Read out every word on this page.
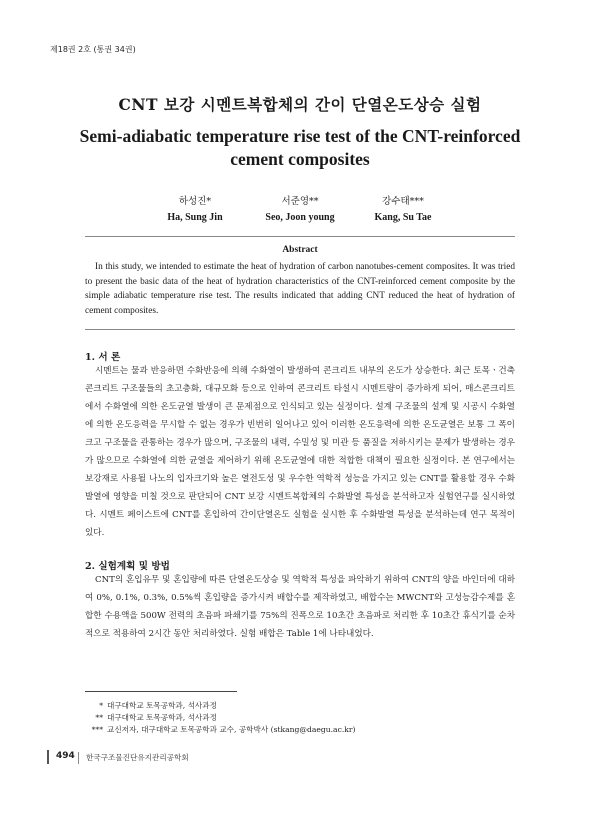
제18권 2호 (통권 34권)
CNT 보강 시멘트복합체의 간이 단열온도상승 실험
Semi-adiabatic temperature rise test of the CNT-reinforced cement composites
하성진*
Ha, Sung Jin
서준영**
Seo, Joon young
강수태***
Kang, Su Tae
Abstract
In this study, we intended to estimate the heat of hydration of carbon nanotubes-cement composites. It was tried to present the basic data of the heat of hydration characteristics of the CNT-reinforced cement composite by the simple adiabatic temperature rise test. The results indicated that adding CNT reduced the heat of hydration of cement composites.
1. 서 론
시멘트는 물과 반응하면 수화반응에 의해 수화열이 발생하여 콘크리트 내부의 온도가 상승한다. 최근 토목ㆍ건축 콘크리트 구조물들의 초고층화, 대규모화 등으로 인하여 콘크리트 타설시 시멘트량이 증가하게 되어, 매스콘크리트에서 수화열에 의한 온도균열 발생이 큰 문제점으로 인식되고 있는 실정이다. 설계 구조물의 설계 및 시공시 수화열에 의한 온도응력을 무시할 수 없는 경우가 빈번히 일어나고 있어 이러한 온도응력에 의한 온도균열은 보통 그 폭이 크고 구조물을 관통하는 경우가 많으며, 구조물의 내력, 수밀성 및 미관 등 품질을 저하시키는 문제가 발생하는 경우가 많으므로 수화열에 의한 균열을 제어하기 위해 온도균열에 대한 적합한 대책이 필요한 실정이다. 본 연구에서는 보강재로 사용될 나노의 입자크기와 높은 열전도성 및 우수한 역학적 성능을 가지고 있는 CNT를 활용할 경우 수화발열에 영향을 미칠 것으로 판단되어 CNT 보강 시멘트복합체의 수화발열 특성을 분석하고자 실험연구를 실시하였다. 시멘트 페이스트에 CNT를 혼입하여 간이단열온도 실험을 실시한 후 수화발열 특성을 분석하는데 연구 목적이 있다.
2. 실험계획 및 방법
CNT의 혼입유무 및 혼입량에 따른 단열온도상승 및 역학적 특성을 파악하기 위하여 CNT의 양을 바인더에 대하여 0%, 0.1%, 0.3%, 0.5%씩 혼입량을 증가시켜 배합수를 제작하였고, 배합수는 MWCNT와 고성능감수제를 혼합한 수용액을 500W 전력의 초음파 파쇄기를 75%의 진폭으로 10초간 초음파로 처리한 후 10초간 휴식기를 순차적으로 적용하여 2시간 동안 처리하였다. 실험 배합은 Table 1에 나타내었다.
* 대구대학교 토목공학과, 석사과정
** 대구대학교 토목공학과, 석사과정
*** 교신저자, 대구대학교 토목공학과 교수, 공학박사 (stkang@daegu.ac.kr)
494 한국구조물진단유지관리공학회
